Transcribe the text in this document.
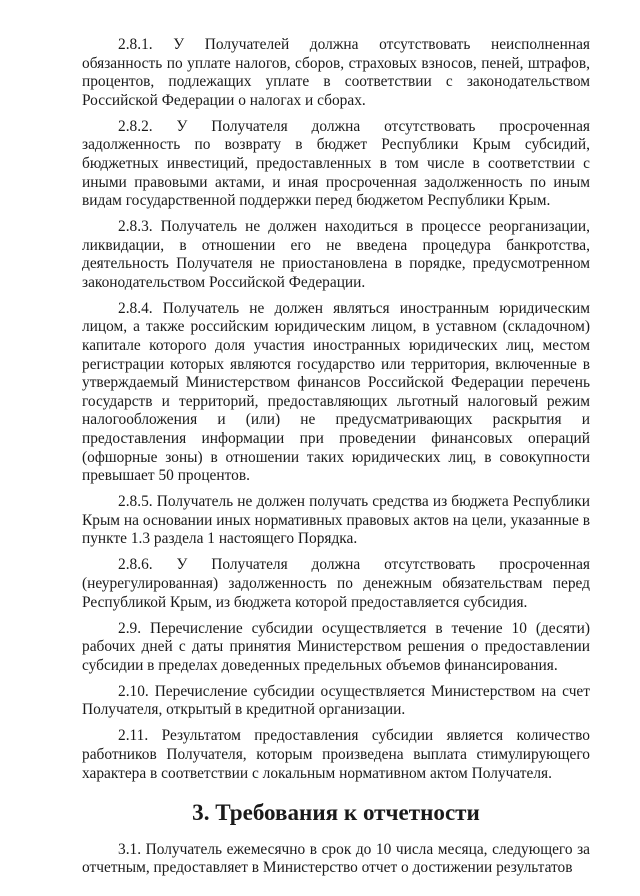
2.8.1. У Получателей должна отсутствовать неисполненная обязанность по уплате налогов, сборов, страховых взносов, пеней, штрафов, процентов, подлежащих уплате в соответствии с законодательством Российской Федерации о налогах и сборах.

2.8.2. У Получателя должна отсутствовать просроченная задолженность по возврату в бюджет Республики Крым субсидий, бюджетных инвестиций, предоставленных в том числе в соответствии с иными правовыми актами, и иная просроченная задолженность по иным видам государственной поддержки перед бюджетом Республики Крым.

2.8.3. Получатель не должен находиться в процессе реорганизации, ликвидации, в отношении его не введена процедура банкротства, деятельность Получателя не приостановлена в порядке, предусмотренном законодательством Российской Федерации.

2.8.4. Получатель не должен являться иностранным юридическим лицом, а также российским юридическим лицом, в уставном (складочном) капитале которого доля участия иностранных юридических лиц, местом регистрации которых являются государство или территория, включенные в утверждаемый Министерством финансов Российской Федерации перечень государств и территорий, предоставляющих льготный налоговый режим налогообложения и (или) не предусматривающих раскрытия и предоставления информации при проведении финансовых операций (офшорные зоны) в отношении таких юридических лиц, в совокупности превышает 50 процентов.

2.8.5. Получатель не должен получать средства из бюджета Республики Крым на основании иных нормативных правовых актов на цели, указанные в пункте 1.3 раздела 1 настоящего Порядка.

2.8.6. У Получателя должна отсутствовать просроченная (неурегулированная) задолженность по денежным обязательствам перед Республикой Крым, из бюджета которой предоставляется субсидия.

2.9. Перечисление субсидии осуществляется в течение 10 (десяти) рабочих дней с даты принятия Министерством решения о предоставлении субсидии в пределах доведенных предельных объемов финансирования.

2.10. Перечисление субсидии осуществляется Министерством на счет Получателя, открытый в кредитной организации.

2.11. Результатом предоставления субсидии является количество работников Получателя, которым произведена выплата стимулирующего характера в соответствии с локальным нормативном актом Получателя.

3. Требования к отчетности

3.1. Получатель ежемесячно в срок до 10 числа месяца, следующего за отчетным, предоставляет в Министерство отчет о достижении результатов
